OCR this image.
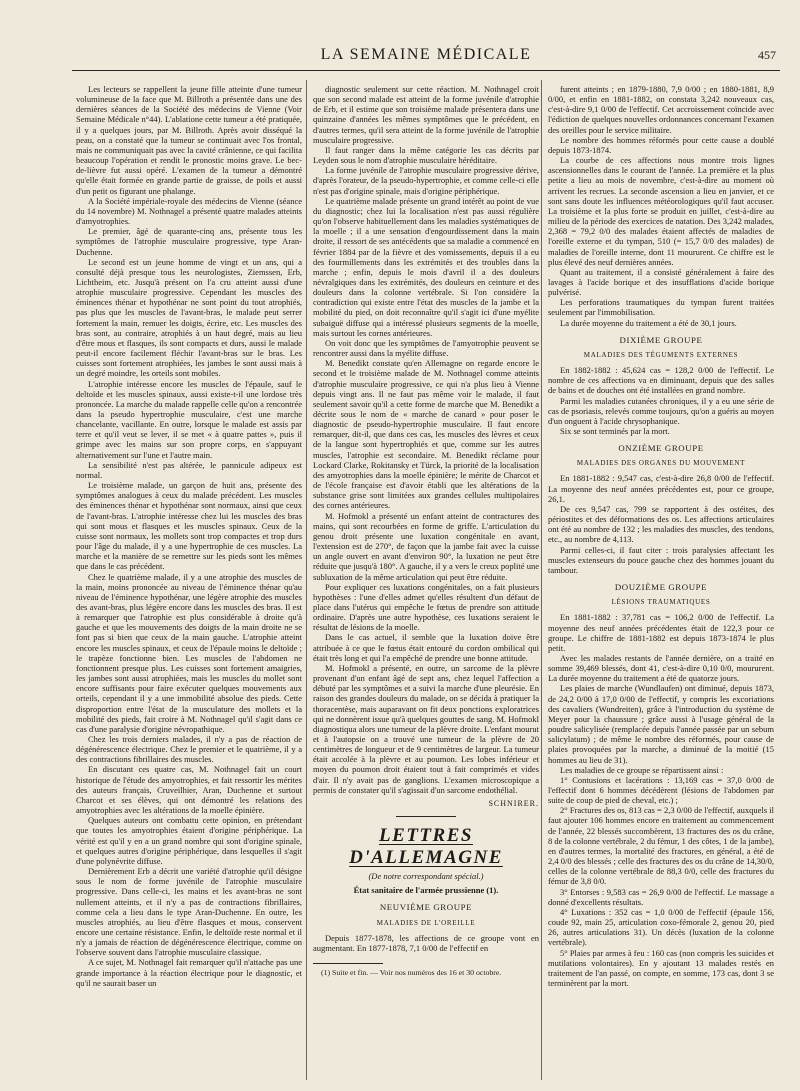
LA SEMAINE MÉDICALE	457

Les lecteurs se rappellent la jeune fille atteinte d'une tumeur volumineuse de la face que M. Billroth a présentée dans une des dernières séances de la Société des médecins de Vienne (Voir Semaine Médicale n°44). L'ablatione cette tumeur a été pratiquée, il y a quelques jours, par M. Billroth. Après avoir disséqué la peau, on a constaté que la tumeur se continuait avec l'os frontal, mais ne communiquait pas avec la cavité crânienne, ce qui facilita beaucoup l'opération et rendit le pronostic moins grave. Le bec-de-lièvre fut aussi opéré. L'examen de la tumeur a démontré qu'elle était formée en grande partie de graisse, de poils et aussi d'un petit os figurant une phalange.

A la Société impériale-royale des médecins de Vienne (séance du 14 novembre) M. Nothnagel a présenté quatre malades atteints d'amyotrophies.

Le premier, âgé de quarante-cinq ans, présente tous les symptômes de l'atrophie musculaire progressive, type Aran-Duchenne.

Le second est un jeune homme de vingt et un ans, qui a consulté déjà presque tous les neurologistes, Ziemssen, Erb, Lichtheim, etc. Jusqu'à présent on l'a cru atteint aussi d'une atrophie musculaire progressive. Cependant les muscles des éminences thénar et hypothénar ne sont point du tout atrophiés, pas plus que les muscles de l'avant-bras, le malade peut serrer fortement la main, remuer les doigts, écrire, etc. Les muscles des bras sont, au contraire, atrophiés à un haut degré, mais au lieu d'être mous et flasques, ils sont compacts et durs, aussi le malade peut-il encore facilement fléchir l'avant-bras sur le bras. Les cuisses sont fortement atrophiées, les jambes le sont aussi mais à un degré moindre, les orteils sont mobiles.

L'atrophie intéresse encore les muscles de l'épaule, sauf le deltoïde et les muscles spinaux, aussi existe-t-il une lordose très prononcée. La marche du malade rappelle celle qu'on a rencontrée dans la pseudo hypertrophie musculaire, c'est une marche chancelante, vacillante. En outre, lorsque le malade est assis par terre et qu'il veut se lever, il se met « à quatre pattes », puis il grimpe avec les mains sur son propre corps, en s'appuyant alternativement sur l'une et l'autre main.

La sensibilité n'est pas altérée, le pannicule adipeux est normal.

Le troisième malade, un garçon de huit ans, présente des symptômes analogues à ceux du malade précédent. Les muscles des éminences thénar et hypothénar sont normaux, ainsi que ceux de l'avant-bras. L'atrophie intéresse chez lui les muscles des bras qui sont mous et flasques et les muscles spinaux. Ceux de la cuisse sont normaux, les mollets sont trop compactes et trop durs pour l'âge du malade, il y a une hypertrophie de ces muscles. La marche et la manière de se remettre sur les pieds sont les mêmes que dans le cas précédent.

Chez le quatrième malade, il y a une atrophie des muscles de la main, moins prononcée au niveau de l'éminence thénar qu'au niveau de l'éminence hypothénar, une légère atrophie des muscles des avant-bras, plus légère encore dans les muscles des bras. Il est à remarquer que l'atrophie est plus considérable à droite qu'à gauche et que les mouvements des doigts de la main droite ne se font pas si bien que ceux de la main gauche. L'atrophie atteint encore les muscles spinaux, et ceux de l'épaule moins le deltoïde ; le trapèze fonctionne bien. Les muscles de l'abdomen ne fonctionnent presque plus. Les cuisses sont fortement amaigries, les jambes sont aussi atrophiées, mais les muscles du mollet sont encore suffisants pour faire exécuter quelques mouvements aux orteils, cependant il y a une immobilité absolue des pieds. Cette disproportion entre l'état de la musculature des mollets et la mobilité des pieds, fait croire à M. Nothnagel qu'il s'agit dans ce cas d'une paralysie d'origine névropathique.

Chez les trois derniers malades, il n'y a pas de réaction de dégénérescence électrique. Chez le premier et le quatrième, il y a des contractions fibrillaires des muscles.

En discutant ces quatre cas, M. Nothnagel fait un court historique de l'étude des amyotrophies, et fait ressortir les mérites des auteurs français, Cruveilhier, Aran, Duchenne et surtout Charcot et ses élèves, qui ont démontré les relations des amyotrophies avec les altérations de la moelle épinière.

Quelques auteurs ont combattu cette opinion, en prétendant que toutes les amyotrophies étaient d'origine périphérique. La vérité est qu'il y en a un grand nombre qui sont d'origine spinale, et quelques autres d'origine périphérique, dans lesquelles il s'agit d'une polynévrite diffuse.

Dernièrement Erb a décrit une variété d'atrophie qu'il désigne sous le nom de forme juvénile de l'atrophie musculaire progressive. Dans celle-ci, les mains et les avant-bras ne sont nullement atteints, et il n'y a pas de contractions fibrillaires, comme cela a lieu dans le type Aran-Duchenne. En outre, les muscles atrophiés, au lieu d'être flasques et mous, conservent encore une certaine résistance. Enfin, le deltoïde reste normal et il n'y a jamais de réaction de dégénérescence électrique, comme on l'observe souvent dans l'atrophie musculaire classique.

A ce sujet, M. Nothnagel fait remarquer qu'il n'attache pas une grande importance à la réaction électrique pour le diagnostic, et qu'il ne saurait baser un

diagnostic seulement sur cette réaction. M. Nothnagel croit que son second malade est atteint de la forme juvénile d'atrophie de Erb, et il estime que son troisième malade présentera dans une quinzaine d'années les mêmes symptômes que le précédent, en d'autres termes, qu'il sera atteint de la forme juvénile de l'atrophie musculaire progressive.

Il faut ranger dans la même catégorie les cas décrits par Leyden sous le nom d'atrophie musculaire héréditaire.

La forme juvénile de l'atrophie musculaire progressive dérive, d'après l'orateur, de la pseudo-hypertrophie, et comme celle-ci elle n'est pas d'origine spinale, mais d'origine périphérique.

Le quatrième malade présente un grand intérêt au point de vue du diagnostic; chez lui la localisation n'est pas aussi régulière qu'on l'observe habituellement dans les maladies systématiques de la moelle ; il a une sensation d'engourdissement dans la main droite, il ressort de ses antécédents que sa maladie a commencé en février 1884 par de la fièvre et des vomissements, depuis il a eu des fourmillements dans les extrémités et des troubles dans la marche ; enfin, depuis le mois d'avril il a des douleurs névralgiques dans les extrémités, des douleurs en ceinture et des douleurs dans la colonne vertébrale. Si l'on considère la contradiction qui existe entre l'état des muscles de la jambe et la mobilité du pied, on doit reconnaître qu'il s'agit ici d'une myélite subaiguë diffuse qui a intéressé plusieurs segments de la moelle, mais surtout les cornes antérieures.

On voit donc que les symptômes de l'amyotrophie peuvent se rencontrer aussi dans la myélite diffuse.

M. Benedikt constate qu'en Allemagne on regarde encore le second et le troisième malade de M. Nothnagel comme atteints d'atrophie musculaire progressive, ce qui n'a plus lieu à Vienne depuis vingt ans. Il ne faut pas même voir le malade, il faut seulement savoir qu'il a cette forme de marche que M. Benedikt a décrite sous le nom de « marche de canard » pour poser le diagnostic de pseudo-hypertrophie musculaire. Il faut encore remarquer, dit-il, que dans ces cas, les muscles des lèvres et ceux de la langue sont hypertrophiés et que, comme sur les autres muscles, l'atrophie est secondaire. M. Benedikt réclame pour Lockard Clarke, Rokitansky et Türck, la priorité de la localisation des amyotrophies dans la moelle épinière; le mérite de Charcot et de l'école française est d'avoir établi que les altérations de la substance grise sont limitées aux grandes cellules multipolaires des cornes antérieures.

M. Hofmokl a présenté un enfant atteint de contractures des mains, qui sont recourbées en forme de griffe. L'articulation du genou droit présente une luxation congénitale en avant, l'extension est de 270°, de façon que la jambe fait avec la cuisse un angle ouvert en avant d'environ 90°, la luxation ne peut être réduite que jusqu'à 180°. A gauche, il y a vers le creux poplité une subluxation de la même articulation qui peut être réduite.

Pour expliquer ces luxations congénitales, on a fait plusieurs hypothèses : l'une d'elles admet qu'elles résultent d'un défaut de place dans l'utérus qui empêche le fœtus de prendre son attitude ordinaire. D'après une autre hypothèse, ces luxations seraient le résultat de lésions de la moelle.

Dans le cas actuel, il semble que la luxation doive être attribuée à ce que le fœtus était entouré du cordon ombilical qui était très long et qui l'a empêché de prendre une bonne attitude.

M. Hofmokl a présenté, en outre, un sarcome de la plèvre provenant d'un enfant âgé de sept ans, chez lequel l'affection a débuté par les symptômes et a suivi la marche d'une pleurésie. En raison des grandes douleurs du malade, on se décida à pratiquer la thoracentèse, mais auparavant on fit deux ponctions exploratrices qui ne donnèrent issue qu'à quelques gouttes de sang. M. Hofmokl diagnostiqua alors une tumeur de la plèvre droite. L'enfant mourut et à l'autopsie on a trouvé une tumeur de la plèvre de 20 centimètres de longueur et de 9 centimètres de largeur. La tumeur était accolée à la plèvre et au poumon. Les lobes inférieur et moyen du poumon droit étaient tout à fait comprimés et vides d'air. Il n'y avait pas de ganglions. L'examen microscopique a permis de constater qu'il s'agissait d'un sarcome endothélial.

SCHNIRER.

LETTRES D'ALLEMAGNE

(De notre correspondant spécial.)

État sanitaire de l'armée prussienne (1).

NEUVIÈME GROUPE

MALADIES DE L'OREILLE

Depuis 1877-1878, les affections de ce groupe vont en augmentant. En 1877-1878, 7,1 0/00 de l'effectif en

(1) Suite et fin. — Voir nos numéros des 16 et 30 octobre.

furent atteints ; en 1879-1880, 7,9 0/00 ; en 1880-1881, 8,9 0/00, et enfin en 1881-1882, on constata 3,242 nouveaux cas, c'est-à-dire 9,1 0/00 de l'effectif. Cet accroissement coïncide avec l'édiction de quelques nouvelles ordonnances concernant l'examen des oreilles pour le service militaire.

Le nombre des hommes réformés pour cette cause a doublé depuis 1873-1874.

La courbe de ces affections nous montre trois lignes ascensionnelles dans le courant de l'année. La première et la plus petite a lieu au mois de novembre, c'est-à-dire au moment où arrivent les recrues. La seconde ascension a lieu en janvier, et ce sont sans doute les influences météorologiques qu'il faut accuser. La troisième et la plus forte se produit en juillet, c'est-à-dire au milieu de la période des exercices de natation. Des 3,242 malades, 2,368 = 79,2 0/0 des malades étaient affectés de maladies de l'oreille externe et du tympan, 510 (= 15,7 0/0 des malades) de maladies de l'oreille interne, dont 11 moururent. Ce chiffre est le plus élevé des neuf dernières années.

Quant au traitement, il a consisté généralement à faire des lavages à l'acide borique et des insufflations d'acide borique pulvérisé.

Les perforations traumatiques du tympan furent traitées seulement par l'immobilisation.

La durée moyenne du traitement a été de 30,1 jours.

DIXIÈME GROUPE

MALADIES DES TÉGUMENTS EXTERNES

En 1882-1882 : 45,624 cas = 128,2 0/00 de l'effectif. Le nombre de ces affections va en diminuant, depuis que des salles de bains et de douches ont été installées en grand nombre.

Parmi les maladies cutanées chroniques, il y a eu une série de cas de psoriasis, relevés comme toujours, qu'on a guéris au moyen d'un onguent à l'acide chrysophanique.

Six se sont terminés par la mort.

ONZIÈME GROUPE

MALADIES DES ORGANES DU MOUVEMENT

En 1881-1882 : 9,547 cas, c'est-à-dire 26,8 0/00 de l'effectif. La moyenne des neuf années précédentes est, pour ce groupe, 26,1.

De ces 9,547 cas, 799 se rapportent à des ostéites, des périostites et des déformations des os. Les affections articulaires ont été au nombre de 132 ; les maladies des muscles, des tendons, etc., au nombre de 4,113.

Parmi celles-ci, il faut citer : trois paralysies affectant les muscles extenseurs du pouce gauche chez des hommes jouant du tambour.

DOUZIÈME GROUPE

LÉSIONS TRAUMATIQUES

En 1881-1882 : 37,781 cas = 106,2 0/00 de l'effectif. La moyenne des neuf années précédentes était de 122,3 pour ce groupe. Le chiffre de 1881-1882 est depuis 1873-1874 le plus petit.

Avec les malades restants de l'année dernière, on a traité en somme 39,469 blessés, dont 41, c'est-à-dire 0,10 0/0, moururent. La durée moyenne du traitement a été de quatorze jours.

Les plaies de marche (Wundlaufen) ont diminué, depuis 1873, de 24,2 0/00 à 17,0 0/00 de l'effectif, y compris les excoriations des cavaliers (Wundreiten), grâce à l'introduction du système de Meyer pour la chaussure ; grâce aussi à l'usage général de la poudre salicylisée (remplacée depuis l'année passée par un sebum salicylatum) ; de même le nombre des réformés, pour cause de plaies provoquées par la marche, a diminué de la moitié (15 hommes au lieu de 31).

Les maladies de ce groupe se répartissent ainsi :

1° Contusions et lacérations : 13,169 cas = 37,0 0/00 de l'effectif dont 6 hommes décédèrent (lésions de l'abdomen par suite de coup de pied de cheval, etc.) ;

2° Fractures des os, 813 cas = 2,3 0/00 de l'effectif, auxquels il faut ajouter 106 hommes encore en traitement au commencement de l'année, 22 blessés succombèrent, 13 fractures des os du crâne, 8 de la colonne vertébrale, 2 du fémur, 1 des côtes, 1 de la jambe), en d'autres termes, la mortalité des fractures, en général, a été de 2,4 0/0 des blessés ; celle des fractures des os du crâne de 14,30/0, celles de la colonne vertébrale de 88,3 0/0, celle des fractures du fémur de 3,8 0/0.

3° Entorses : 9,583 cas = 26,9 0/00 de l'effectif. Le massage a donné d'excellents résultats.

4° Luxations : 352 cas = 1,0 0/00 de l'effectif (épaule 156, coude 92, main 25, articulation coxo-fémorale 2, genou 20, pied 26, autres articulations 31). Un décès (luxation de la colonne vertébrale).

5° Plaies par armes à feu : 160 cas (non compris les suicides et mutilations volontaires). En y ajoutant 13 malades restés en traitement de l'an passé, on compte, en somme, 173 cas, dont 3 se terminèrent par la mort.
